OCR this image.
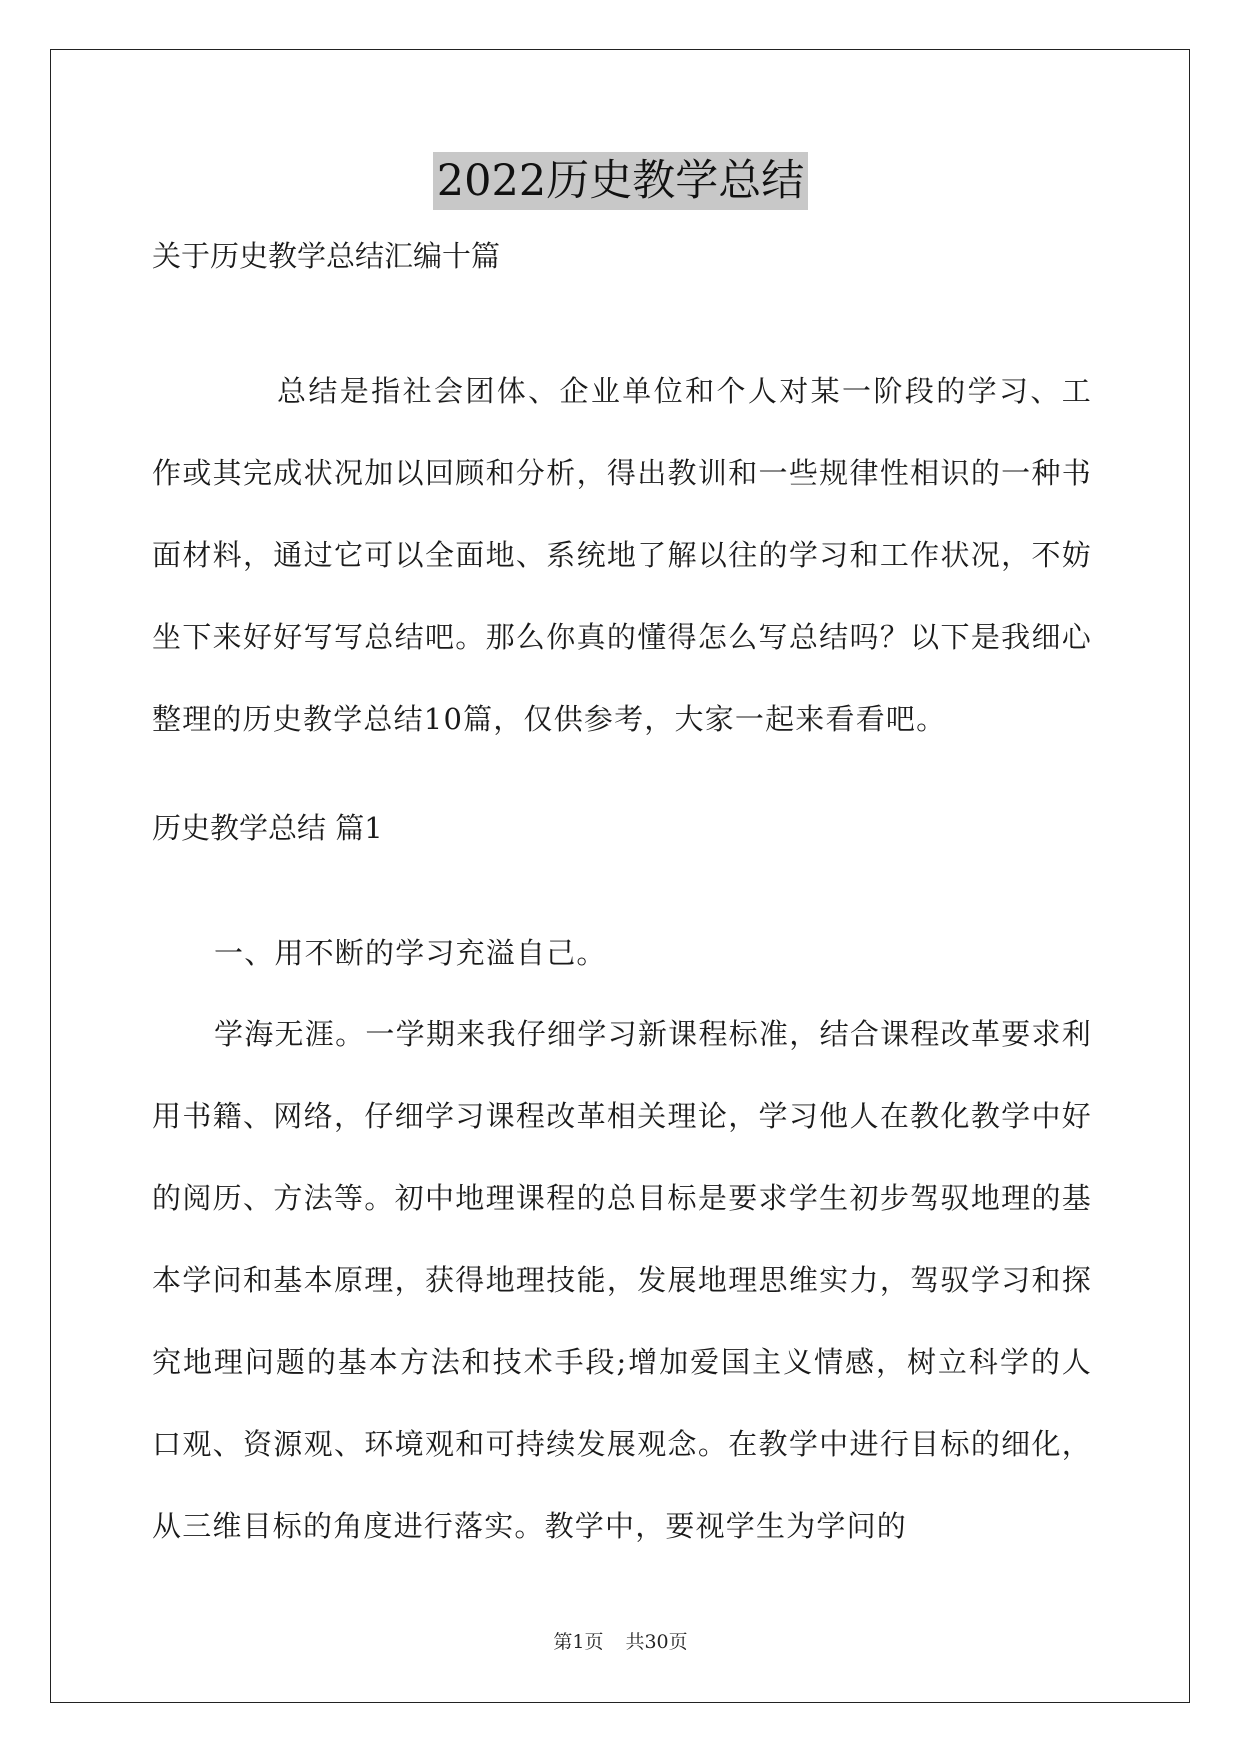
2022历史教学总结
关于历史教学总结汇编十篇

总结是指社会团体、企业单位和个人对某一阶段的学习、工作或其完成状况加以回顾和分析，得出教训和一些规律性相识的一种书面材料，通过它可以全面地、系统地了解以往的学习和工作状况，不妨坐下来好好写写总结吧。那么你真的懂得怎么写总结吗？以下是我细心整理的历史教学总结10篇，仅供参考，大家一起来看看吧。

历史教学总结 篇1

一、用不断的学习充溢自己。

学海无涯。一学期来我仔细学习新课程标准，结合课程改革要求利用书籍、网络，仔细学习课程改革相关理论，学习他人在教化教学中好的阅历、方法等。初中地理课程的总目标是要求学生初步驾驭地理的基本学问和基本原理，获得地理技能，发展地理思维实力，驾驭学习和探究地理问题的基本方法和技术手段;增加爱国主义情感，树立科学的人口观、资源观、环境观和可持续发展观念。在教学中进行目标的细化，从三维目标的角度进行落实。教学中，要视学生为学问的

第1页 共30页
